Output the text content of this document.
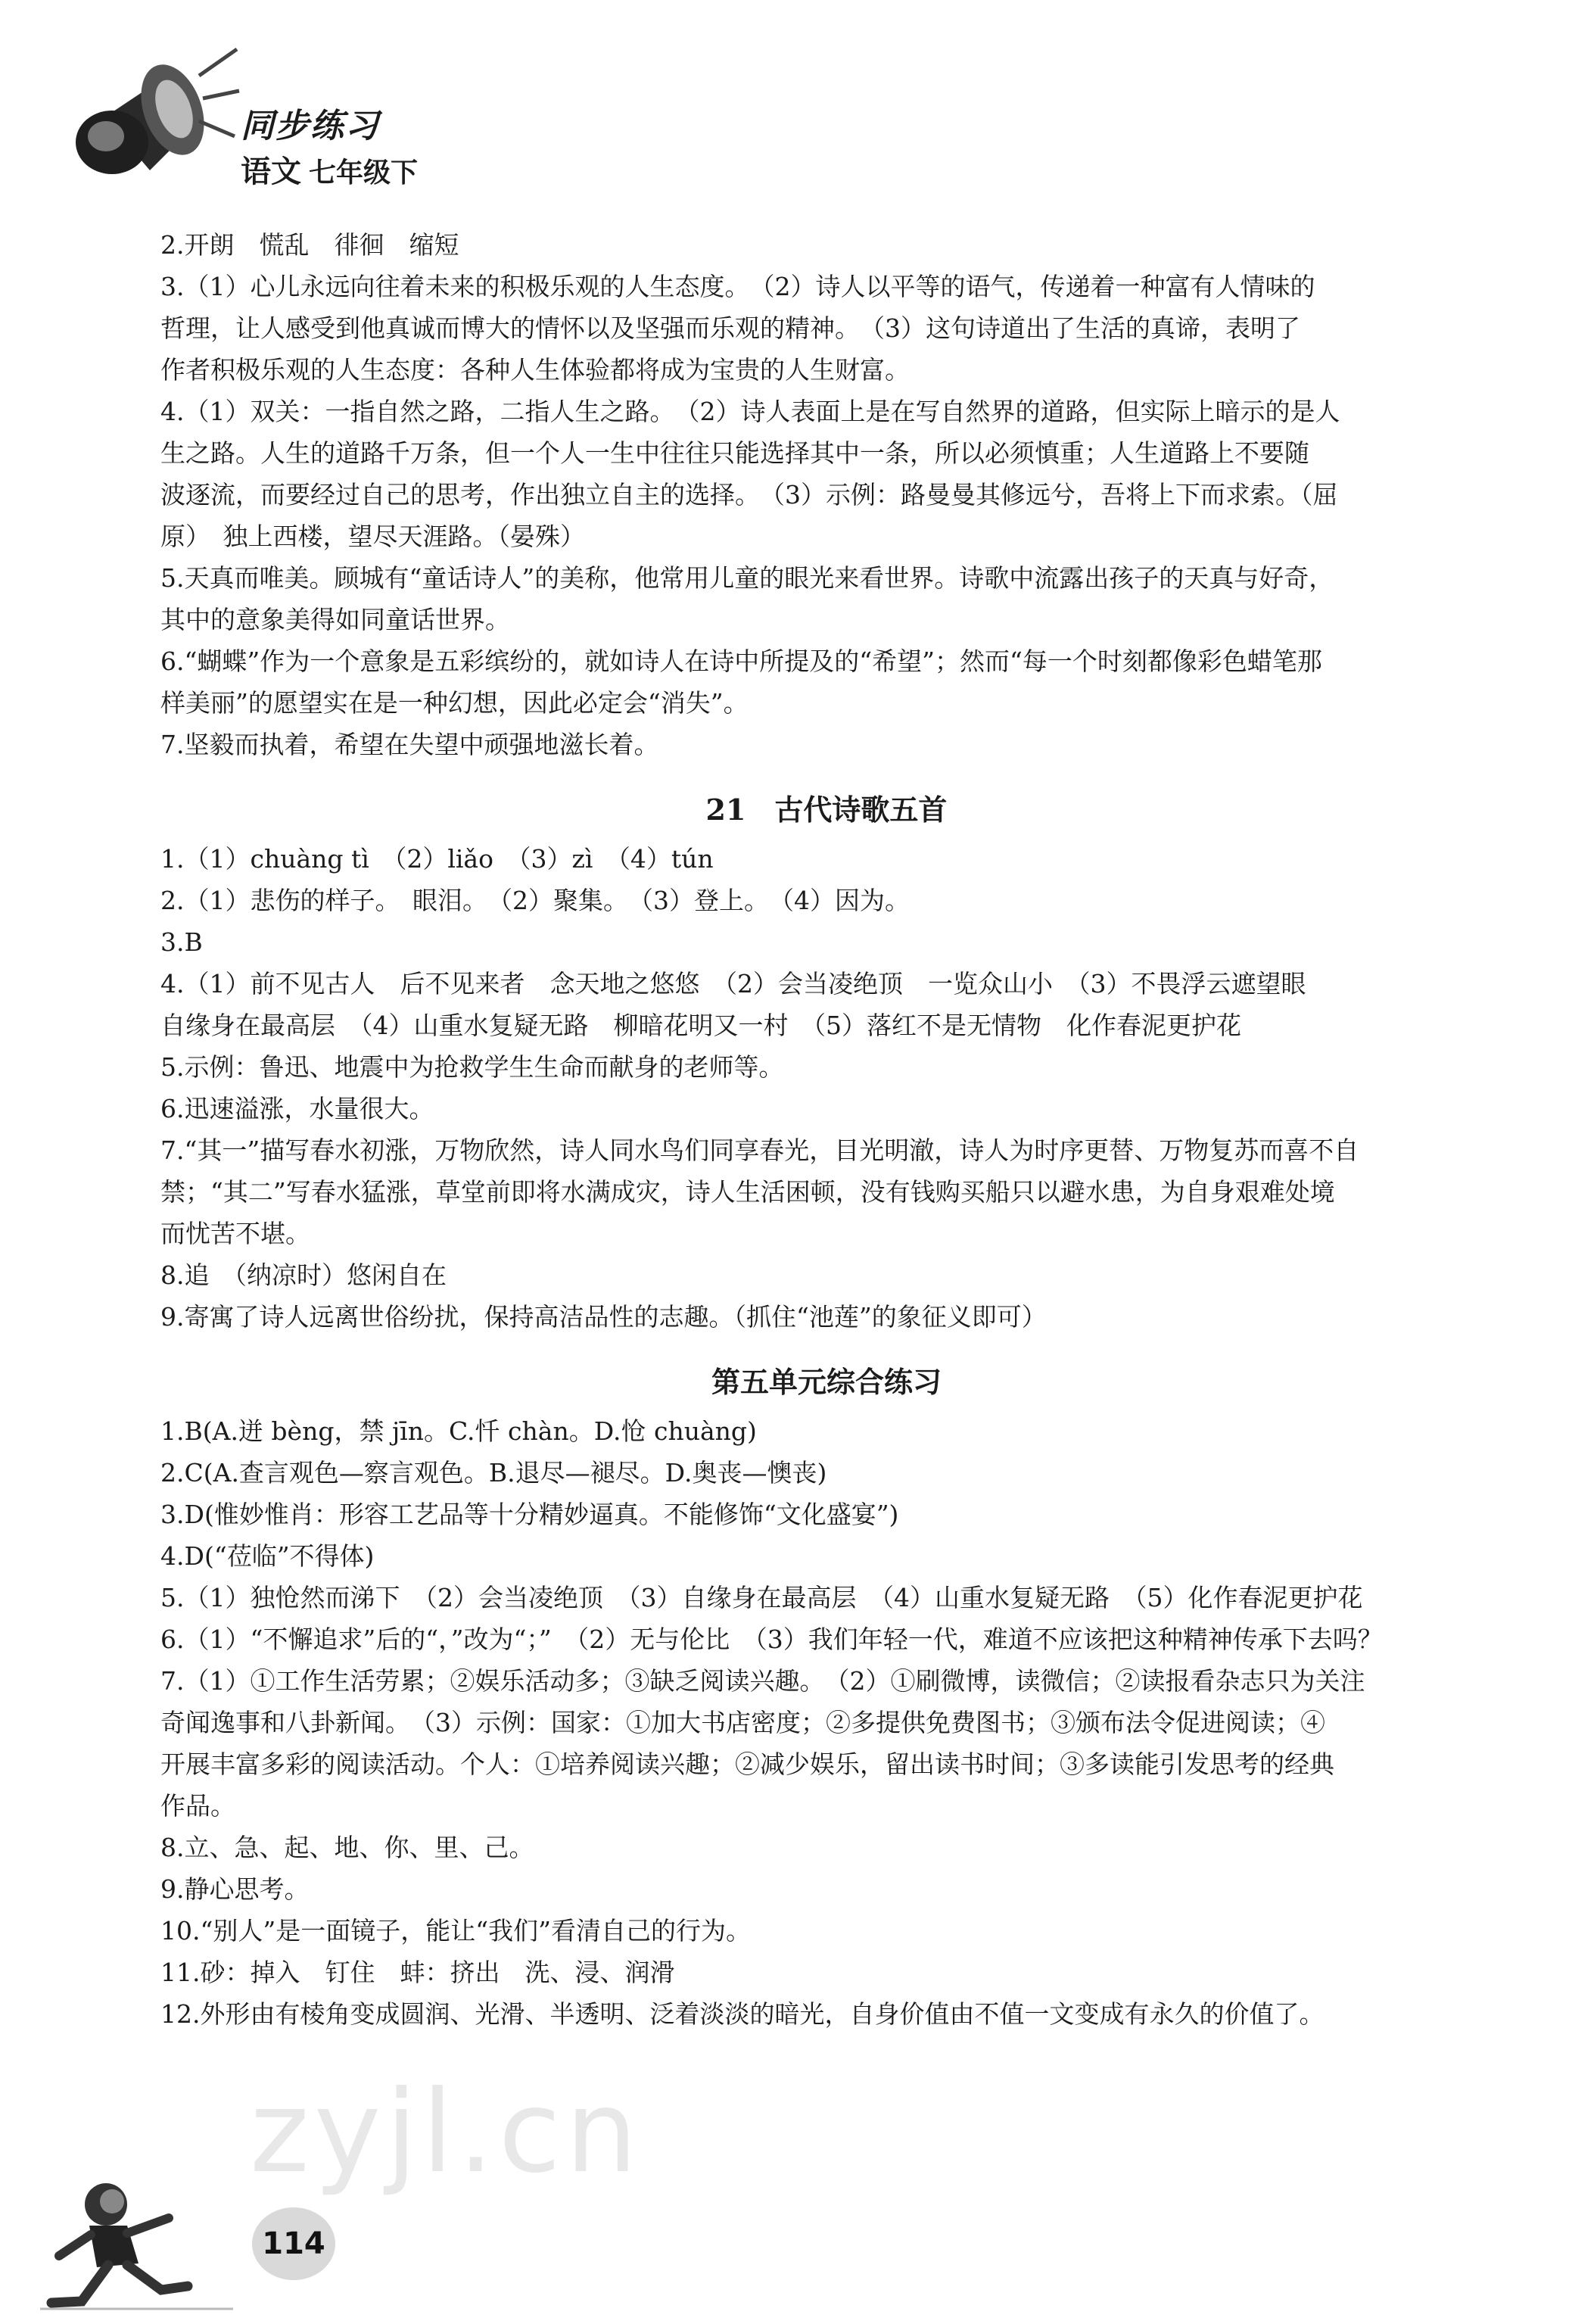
同步练习
语文 七年级下
2.开朗　慌乱　徘徊　缩短
3.（1）心儿永远向往着未来的积极乐观的人生态度。　（2）诗人以平等的语气，传递着一种富有人情味的
哲理，让人感受到他真诚而博大的情怀以及坚强而乐观的精神。　（3）这句诗道出了生活的真谛，表明了
作者积极乐观的人生态度：各种人生体验都将成为宝贵的人生财富。
4.（1）双关：一指自然之路，二指人生之路。　（2）诗人表面上是在写自然界的道路，但实际上暗示的是人
生之路。人生的道路千万条，但一个人一生中往往只能选择其中一条，所以必须慎重；人生道路上不要随
波逐流，而要经过自己的思考，作出独立自主的选择。　（3）示例：路曼曼其修远兮，吾将上下而求索。（屈
原）　独上西楼，望尽天涯路。（晏殊）
5.天真而唯美。顾城有“童话诗人”的美称，他常用儿童的眼光来看世界。诗歌中流露出孩子的天真与好奇，
其中的意象美得如同童话世界。
6.“蝴蝶”作为一个意象是五彩缤纷的，就如诗人在诗中所提及的“希望”；然而“每一个时刻都像彩色蜡笔那
样美丽”的愿望实在是一种幻想，因此必定会“消失”。
7.坚毅而执着，希望在失望中顽强地滋长着。
21　古代诗歌五首
1.（1）chuàng tì　（2）liǎo　（3）zì　（4）tún
2.（1）悲伤的样子。　眼泪。　（2）聚集。　（3）登上。　（4）因为。
3.B
4.（1）前不见古人　后不见来者　念天地之悠悠　（2）会当凌绝顶　一览众山小　（3）不畏浮云遮望眼
自缘身在最高层　（4）山重水复疑无路　柳暗花明又一村　（5）落红不是无情物　化作春泥更护花
5.示例：鲁迅、地震中为抢救学生生命而献身的老师等。
6.迅速溢涨，水量很大。
7.“其一”描写春水初涨，万物欣然，诗人同水鸟们同享春光，目光明澈，诗人为时序更替、万物复苏而喜不自
禁；“其二”写春水猛涨，草堂前即将水满成灾，诗人生活困顿，没有钱购买船只以避水患，为自身艰难处境
而忧苦不堪。
8.追　（纳凉时）悠闲自在
9.寄寓了诗人远离世俗纷扰，保持高洁品性的志趣。（抓住“池莲”的象征义即可）
第五单元综合练习
1.B(A.迸 bèng，禁 jīn。C.忏 chàn。D.怆 chuàng)
2.C(A.查言观色—察言观色。B.退尽—褪尽。D.奥丧—懊丧)
3.D(惟妙惟肖：形容工艺品等十分精妙逼真。不能修饰“文化盛宴”)
4.D(“莅临”不得体)
5.（1）独怆然而涕下　（2）会当凌绝顶　（3）自缘身在最高层　（4）山重水复疑无路　（5）化作春泥更护花
6.（1）“不懈追求”后的“，”改为“；”　（2）无与伦比　（3）我们年轻一代，难道不应该把这种精神传承下去吗？
7.（1）①工作生活劳累；②娱乐活动多；③缺乏阅读兴趣。　（2）①刷微博，读微信；②读报看杂志只为关注
奇闻逸事和八卦新闻。　（3）示例：国家：①加大书店密度；②多提供免费图书；③颁布法令促进阅读；④
开展丰富多彩的阅读活动。个人：①培养阅读兴趣；②减少娱乐，留出读书时间；③多读能引发思考的经典
作品。
8.立、急、起、地、你、里、己。
9.静心思考。
10.“别人”是一面镜子，能让“我们”看清自己的行为。
11.砂：掉入　钉住　蚌：挤出　洗、浸、润滑
12.外形由有棱角变成圆润、光滑、半透明、泛着淡淡的暗光，自身价值由不值一文变成有永久的价值了。
zyjl.cn
114
